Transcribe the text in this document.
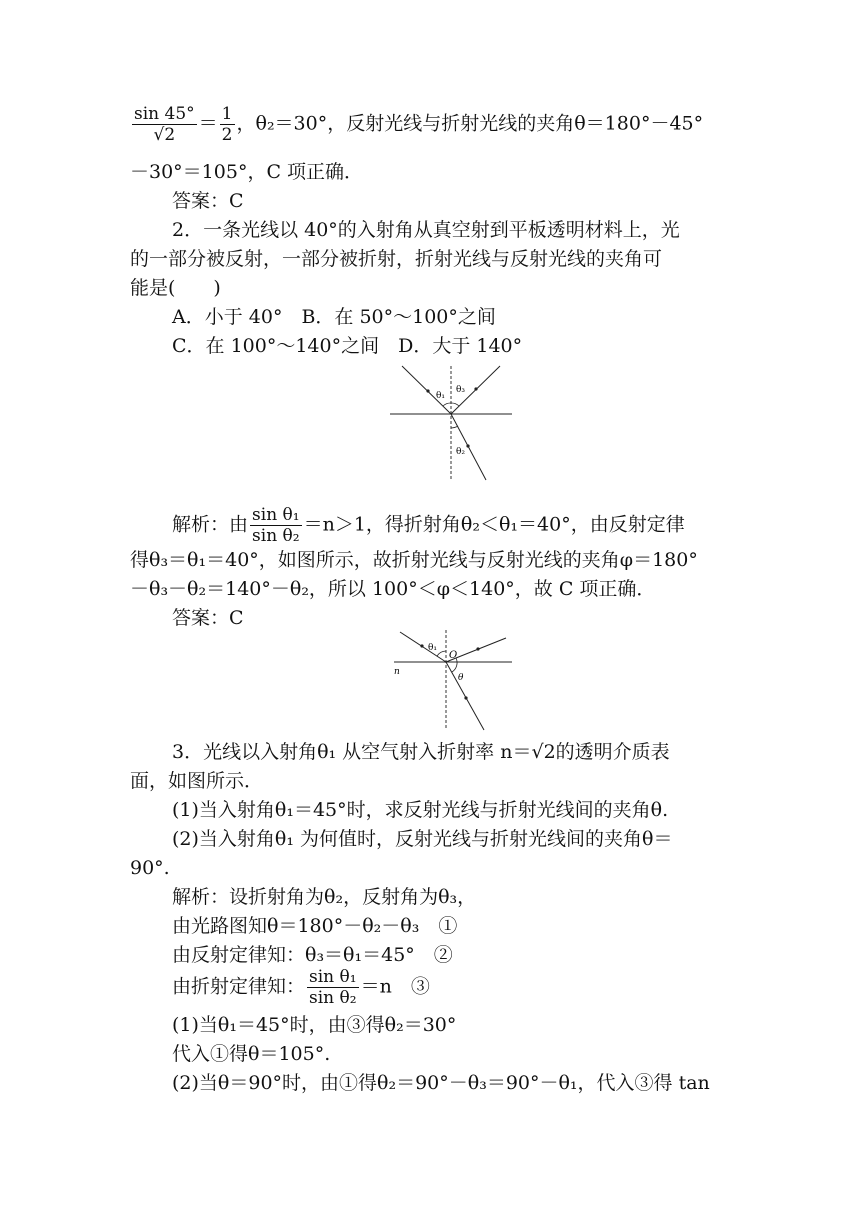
$\frac{\sin 45^\circ}{√2} = \frac{1}{2}$ ，θ₂＝30°，反射光线与折射光线的夹角θ＝180°－45°
－30°＝105°，C 项正确．
答案：C
2．一条光线以 40°的入射角从真空射到平板透明材料上，光
的一部分被反射，一部分被折射，折射光线与反射光线的夹角可
能是(　　)
A．小于 40°　B．在 50°～100°之间
C．在 100°～140°之间　D．大于 140°
θ₁
θ₃
θ₂
解析：由 $\frac{\text{sin θ₁}}{\text{sin θ₂}} =n>1$，得折射角θ₂＜θ₁＝40°，由反射定律
得θ₃＝θ₁＝40°，如图所示，故折射光线与反射光线的夹角φ＝180°
－θ₃－θ₂＝140°－θ₂，所以 100°＜φ＜140°，故 C 项正确．
答案：C
θ₁
O
θ
n
3．光线以入射角θ₁ 从空气射入折射率 n＝√2的透明介质表
面，如图所示．
(1)当入射角θ₁＝45°时，求反射光线与折射光线间的夹角θ.
(2)当入射角θ₁ 为何值时，反射光线与折射光线间的夹角θ＝
90°.
解析：设折射角为θ₂，反射角为θ₃，
由光路图知θ＝180°－θ₂－θ₃　①
由反射定律知：θ₃＝θ₁＝45°　②
由折射定律知： $\frac{\text{sin θ₁}}{\text{sin θ₂}} =n$　③
(1)当θ₁＝45°时，由③得θ₂＝30°
代入①得θ＝105°.
(2)当θ＝90°时，由①得θ₂＝90°－θ₃＝90°－θ₁，代入③得 tan
